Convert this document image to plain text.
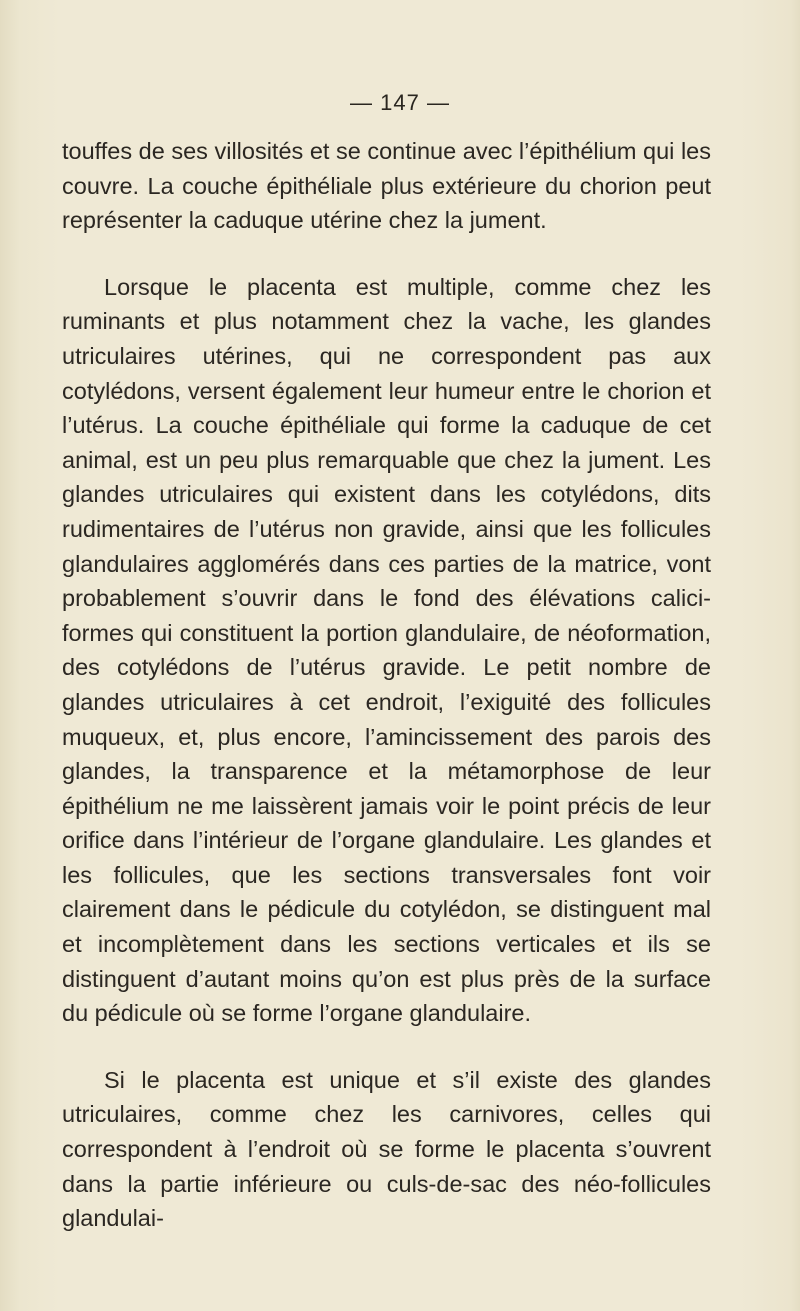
— 147 —

touffes de ses villosités et se continue avec l’épithélium qui les couvre. La couche épithéliale plus extérieure du chorion peut représenter la caduque utérine chez la jument.

Lorsque le placenta est multiple, comme chez les ruminants et plus notamment chez la vache, les glandes utriculaires utérines, qui ne correspondent pas aux cotylédons, versent également leur humeur entre le chorion et l’utérus. La couche épithéliale qui forme la caduque de cet animal, est un peu plus remarquable que chez la jument. Les glandes utriculaires qui existent dans les cotylédons, dits rudimentaires de l’utérus non gravide, ainsi que les follicules glandulaires agglomérés dans ces parties de la matrice, vont probablement s’ouvrir dans le fond des élévations calici-formes qui constituent la portion glandulaire, de néoformation, des cotylédons de l’utérus gravide. Le petit nombre de glandes utriculaires à cet endroit, l’exiguité des follicules muqueux, et, plus encore, l’amincissement des parois des glandes, la transparence et la métamorphose de leur épithélium ne me laissèrent jamais voir le point précis de leur orifice dans l’intérieur de l’organe glandulaire. Les glandes et les follicules, que les sections transversales font voir clairement dans le pédicule du cotylédon, se distinguent mal et incomplètement dans les sections verticales et ils se distinguent d’autant moins qu’on est plus près de la surface du pédicule où se forme l’organe glandulaire.

Si le placenta est unique et s’il existe des glandes utriculaires, comme chez les carnivores, celles qui correspondent à l’endroit où se forme le placenta s’ouvrent dans la partie inférieure ou culs-de-sac des néo-follicules glandulai-
